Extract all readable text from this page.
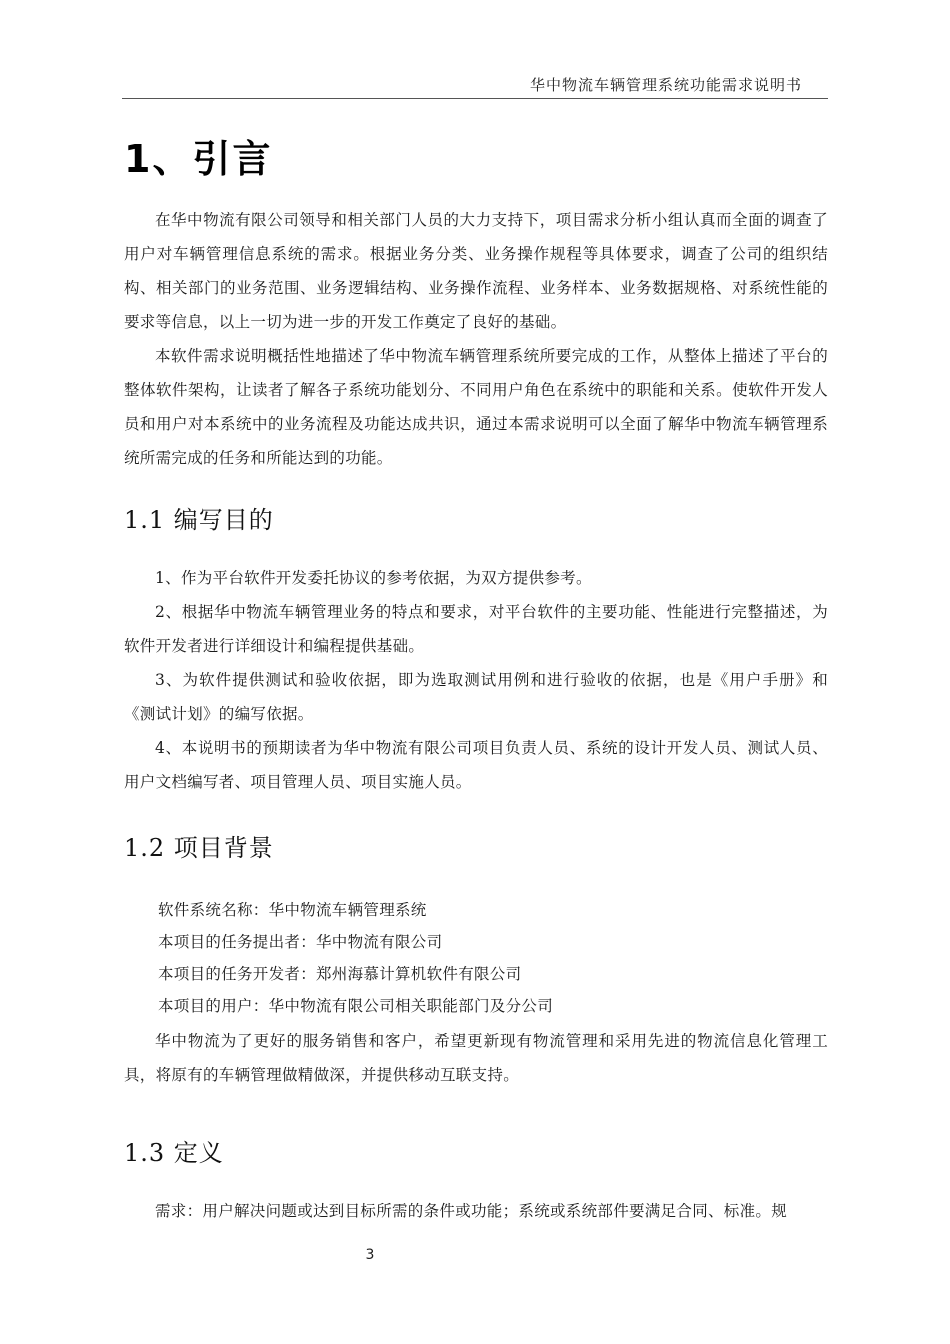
华中物流车辆管理系统功能需求说明书
1、引言
在华中物流有限公司领导和相关部门人员的大力支持下，项目需求分析小组认真而全面的调查了用户对车辆管理信息系统的需求。根据业务分类、业务操作规程等具体要求，调查了公司的组织结构、相关部门的业务范围、业务逻辑结构、业务操作流程、业务样本、业务数据规格、对系统性能的要求等信息，以上一切为进一步的开发工作奠定了良好的基础。
本软件需求说明概括性地描述了华中物流车辆管理系统所要完成的工作，从整体上描述了平台的整体软件架构，让读者了解各子系统功能划分、不同用户角色在系统中的职能和关系。使软件开发人员和用户对本系统中的业务流程及功能达成共识，通过本需求说明可以全面了解华中物流车辆管理系统所需完成的任务和所能达到的功能。
1.1 编写目的
1、作为平台软件开发委托协议的参考依据，为双方提供参考。
2、根据华中物流车辆管理业务的特点和要求，对平台软件的主要功能、性能进行完整描述，为 软件开发者进行详细设计和编程提供基础。
3、为软件提供测试和验收依据，即为选取测试用例和进行验收的依据，也是《用户手册》和《测试计划》的编写依据。
4、本说明书的预期读者为华中物流有限公司项目负责人员、系统的设计开发人员、测试人员、用户文档编写者、项目管理人员、项目实施人员。
1.2 项目背景
软件系统名称：华中物流车辆管理系统
本项目的任务提出者：华中物流有限公司
本项目的任务开发者：郑州海慕计算机软件有限公司
本项目的用户：华中物流有限公司相关职能部门及分公司
华中物流为了更好的服务销售和客户，希望更新现有物流管理和采用先进的物流信息化管理工具，将原有的车辆管理做精做深，并提供移动互联支持。
1.3 定义
需求：用户解决问题或达到目标所需的条件或功能；系统或系统部件要满足合同、标准。规
3
